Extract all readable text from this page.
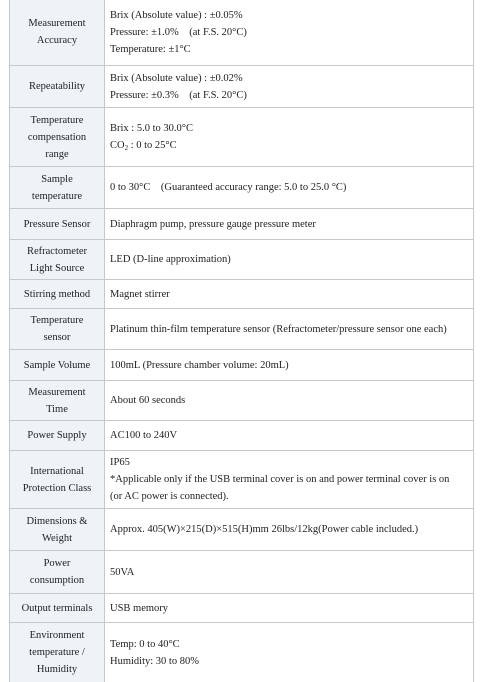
Measurement
Accuracy	Brix (Absolute value) : ±0.05%
Pressure: ±1.0%　(at F.S. 20°C)
Temperature: ±1°C

Repeatability	Brix (Absolute value) : ±0.02%
Pressure: ±0.3%　(at F.S. 20°C)

Temperature
compensation
range	Brix : 5.0 to 30.0°C
$CO_2$ : 0 to 25°C

Sample
temperature	0 to 30°C　(Guaranteed accuracy range: 5.0 to 25.0 °C)

Pressure Sensor	Diaphragm pump, pressure gauge pressure meter

Refractometer
Light Source	LED (D-line approximation)

Stirring method	Magnet stirrer

Temperature
sensor	Platinum thin-film temperature sensor (Refractometer/pressure sensor one each)

Sample Volume	100mL (Pressure chamber volume: 20mL)

Measurement
Time	About 60 seconds

Power Supply	AC100 to 240V

International
Protection Class	IP65
*Applicable only if the USB terminal cover is on and power terminal cover is on
(or AC power is connected).

Dimensions &
Weight	Approx. 405(W)×215(D)×515(H)mm 26lbs/12kg(Power cable included.)

Power
consumption	50VA

Output terminals	USB memory

Environment
temperature /
Humidity	Temp: 0 to 40°C
Humidity: 30 to 80%
